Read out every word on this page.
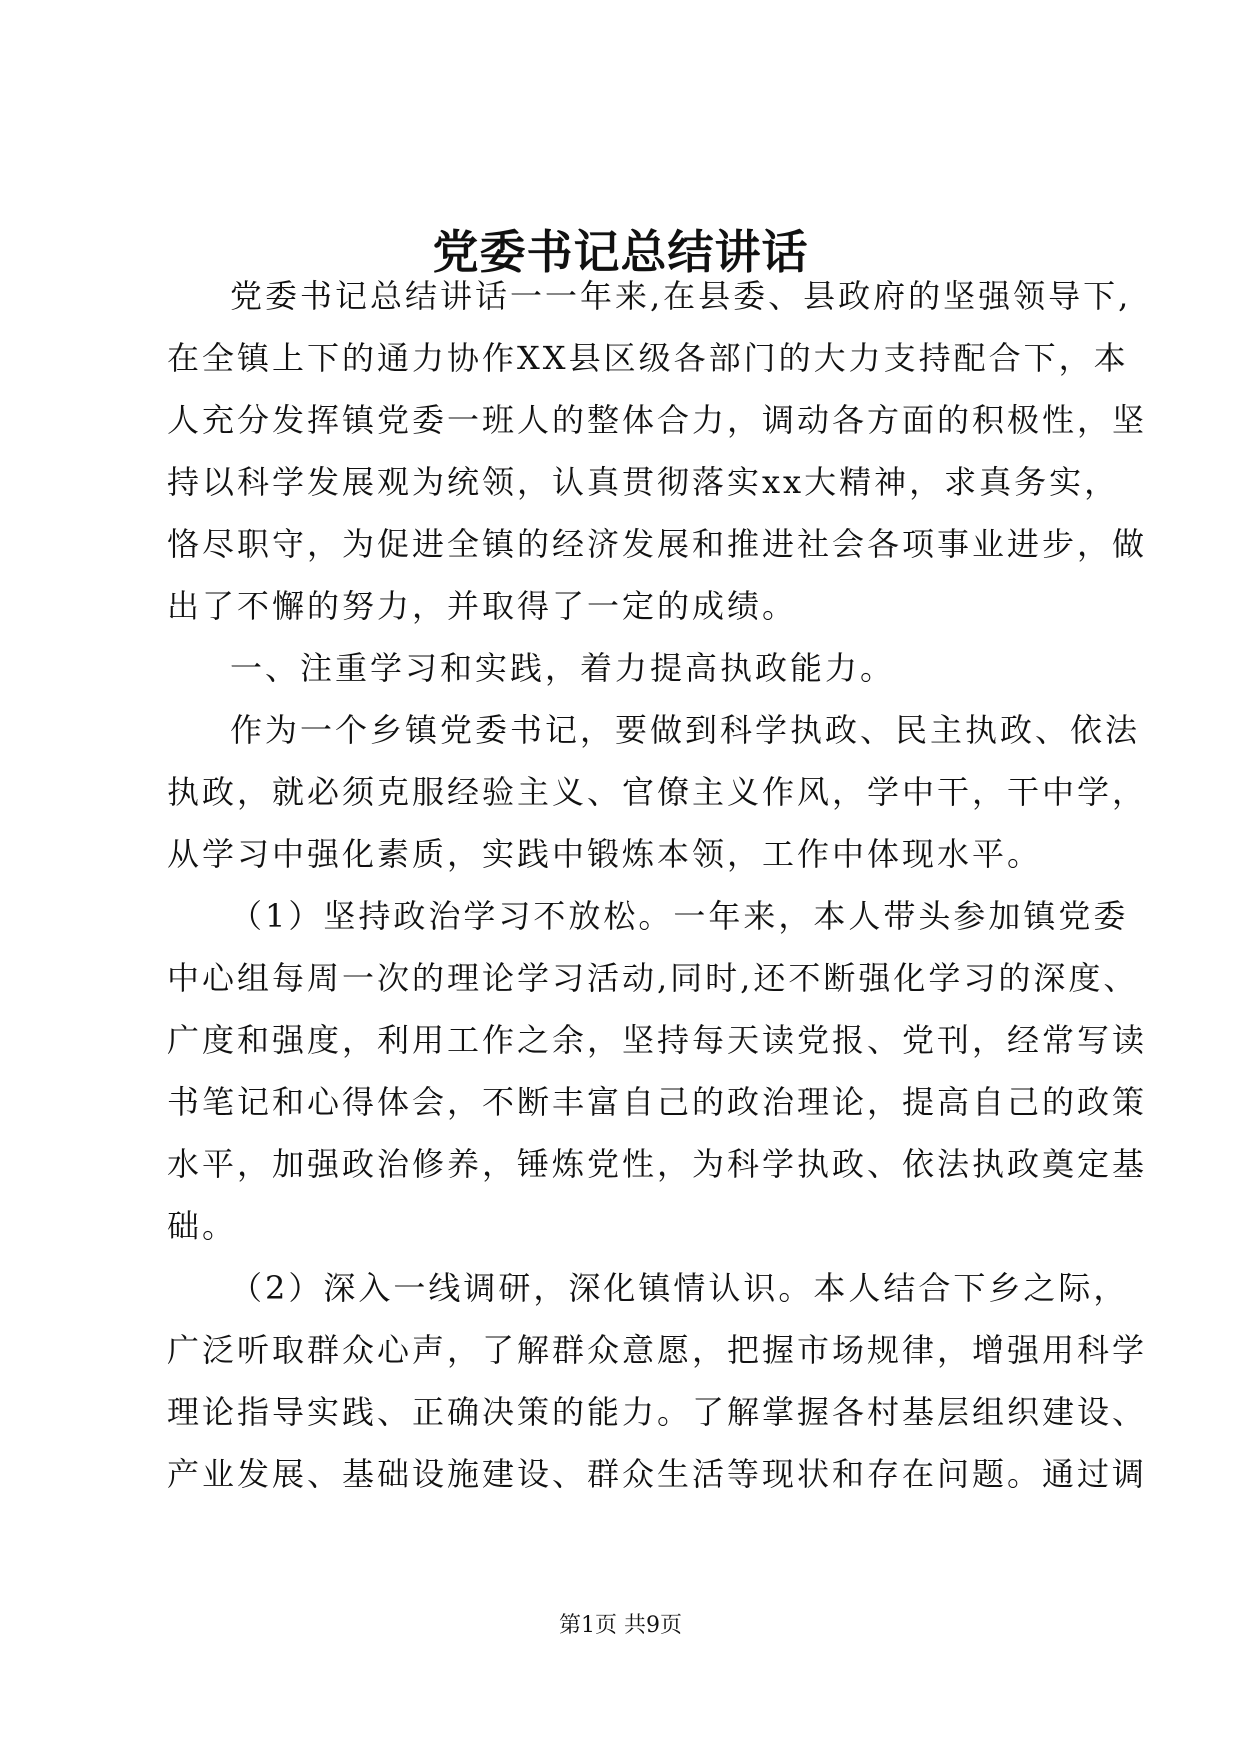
党委书记总结讲话
党委书记总结讲话一一年来,在县委、县政府的坚强领导下,
在全镇上下的通力协作XX县区级各部门的大力支持配合下，本
人充分发挥镇党委一班人的整体合力，调动各方面的积极性，坚
持以科学发展观为统领，认真贯彻落实xx大精神，求真务实，
恪尽职守，为促进全镇的经济发展和推进社会各项事业进步，做
出了不懈的努力，并取得了一定的成绩。
一、注重学习和实践，着力提高执政能力。
作为一个乡镇党委书记，要做到科学执政、民主执政、依法
执政，就必须克服经验主义、官僚主义作风，学中干，干中学，
从学习中强化素质，实践中锻炼本领，工作中体现水平。
（1）坚持政治学习不放松。一年来，本人带头参加镇党委
中心组每周一次的理论学习活动,同时,还不断强化学习的深度、
广度和强度，利用工作之余，坚持每天读党报、党刊，经常写读
书笔记和心得体会，不断丰富自己的政治理论，提高自己的政策
水平，加强政治修养，锤炼党性，为科学执政、依法执政奠定基
础。
（2）深入一线调研，深化镇情认识。本人结合下乡之际，
广泛听取群众心声，了解群众意愿，把握市场规律，增强用科学
理论指导实践、正确决策的能力。了解掌握各村基层组织建设、
产业发展、基础设施建设、群众生活等现状和存在问题。通过调
第1页 共9页
